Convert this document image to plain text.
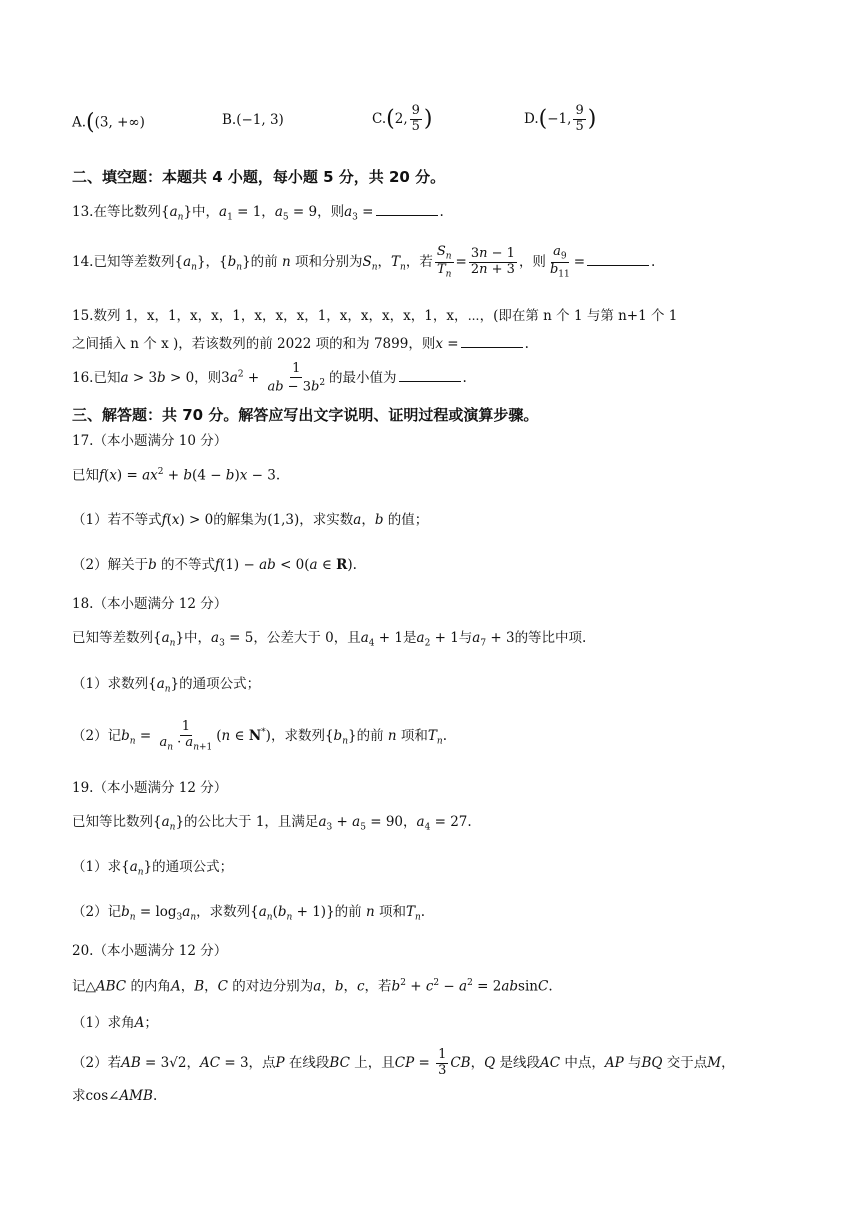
A.((3, +∞)	B.(−1, 3)	C.(2, $\frac{9}{5}$ )	D.(−1, $\frac{9}{5}$ )
二、填空题：本题共 4 小题，每小题 5 分，共 20 分。
13.在等比数列$\{a_n\}$中，$a_1 = 1$，$a_5 = 9$，则$a_3$ =	.
14.已知等差数列$\{a_n\}$，$\{b_n\}$的前 n 项和分别为$S_n$，$T_n$，若 $\frac{S_n}{T_n} = \frac{3n - 1}{2n + 3}$ ，则 $\frac{a_9}{b_{11}}$ =	.
15.数列 1，x，1，x，x，1，x，x，x，1，x，x，x，x，1，x，⋯，(即在第 n 个 1 与第 n+1 个 1
之间插入 n 个 x )，若该数列的前 2022 项的和为 7899，则x =	.
16.已知a > 3b > 0，则$3a^2 + \frac{1}{ab - 3b^2}$ 的最小值为	.
三、解答题：共 70 分。解答应写出文字说明、证明过程或演算步骤。
17.（本小题满分 10 分）
已知$f(x) = ax^2 + b(4 - b)x - 3$.
（1）若不等式f(x) > 0的解集为(1,3)，求实数a，b 的值；
（2）解关于b 的不等式f(1) − ab < 0(a ∈ R).
18.（本小题满分 12 分）
已知等差数列$\{a_n\}$中，$a_3 = 5$，公差大于 0，且$a_4 + 1$是$a_2 + 1$与$a_7 + 3$的等比中项.
（1）求数列$\{a_n\}$的通项公式；
（2）记$b_n = \frac{1}{a_n \cdot a_{n+1}} (n$ ∈ N*)，求数列$\{b_n\}$的前 n 项和$T_n$.
19.（本小题满分 12 分）
已知等比数列$\{a_n\}$的公比大于 1，且满足$a_3 + a_5 = 90$，$a_4 = 27$.
（1）求$\{a_n\}$的通项公式；
（2）记$b_n = \log_3a_n$，求数列$\{a_n(b_n + 1)\}$的前 n 项和$T_n$.
20.（本小题满分 12 分）
记△ABC 的内角A，B，C 的对边分别为a，b，c，若$b^2 + c^2 - a^2 = 2absinC$.
（1）求角A；
（2）若AB = 3√2，AC = 3，点P 在线段BC 上，且CP = $\frac{1}{3}$ CB，Q 是线段AC 中点，AP 与BQ 交于点M，
求cos∠AMB.
